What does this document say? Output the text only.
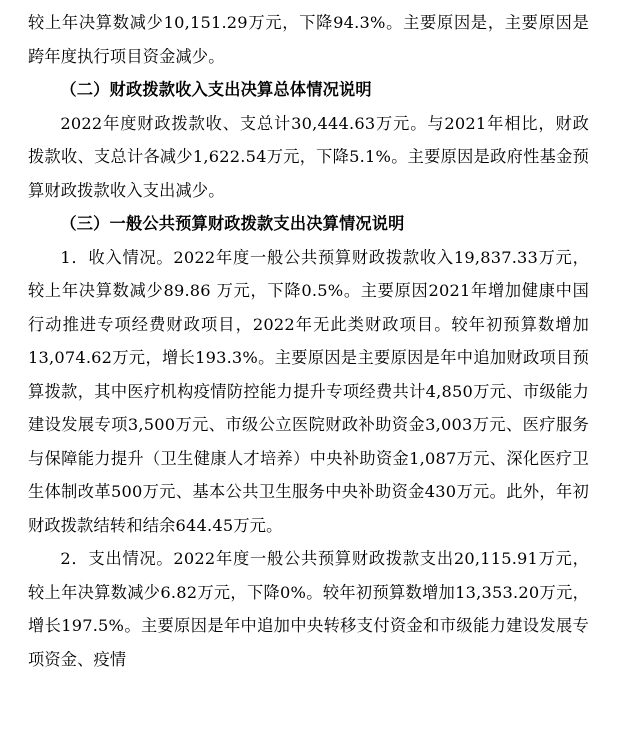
较上年决算数减少10,151.29万元，下降94.3%。主要原因是，主要原因是跨年度执行项目资金减少。

（二）财政拨款收入支出决算总体情况说明

2022年度财政拨款收、支总计30,444.63万元。与2021年相比，财政拨款收、支总计各减少1,622.54万元，下降5.1%。主要原因是政府性基金预算财政拨款收入支出减少。

（三）一般公共预算财政拨款支出决算情况说明

1．收入情况。2022年度一般公共预算财政拨款收入19,837.33万元，较上年决算数减少89.86 万元，下降0.5%。主要原因2021年增加健康中国行动推进专项经费财政项目，2022年无此类财政项目。较年初预算数增加13,074.62万元，增长193.3%。主要原因是主要原因是年中追加财政项目预算拨款，其中医疗机构疫情防控能力提升专项经费共计4,850万元、市级能力建设发展专项3,500万元、市级公立医院财政补助资金3,003万元、医疗服务与保障能力提升（卫生健康人才培养）中央补助资金1,087万元、深化医疗卫生体制改革500万元、基本公共卫生服务中央补助资金430万元。此外，年初财政拨款结转和结余644.45万元。

2．支出情况。2022年度一般公共预算财政拨款支出20,115.91万元，较上年决算数减少6.82万元，下降0%。较年初预算数增加13,353.20万元，增长197.5%。主要原因是年中追加中央转移支付资金和市级能力建设发展专项资金、疫情
